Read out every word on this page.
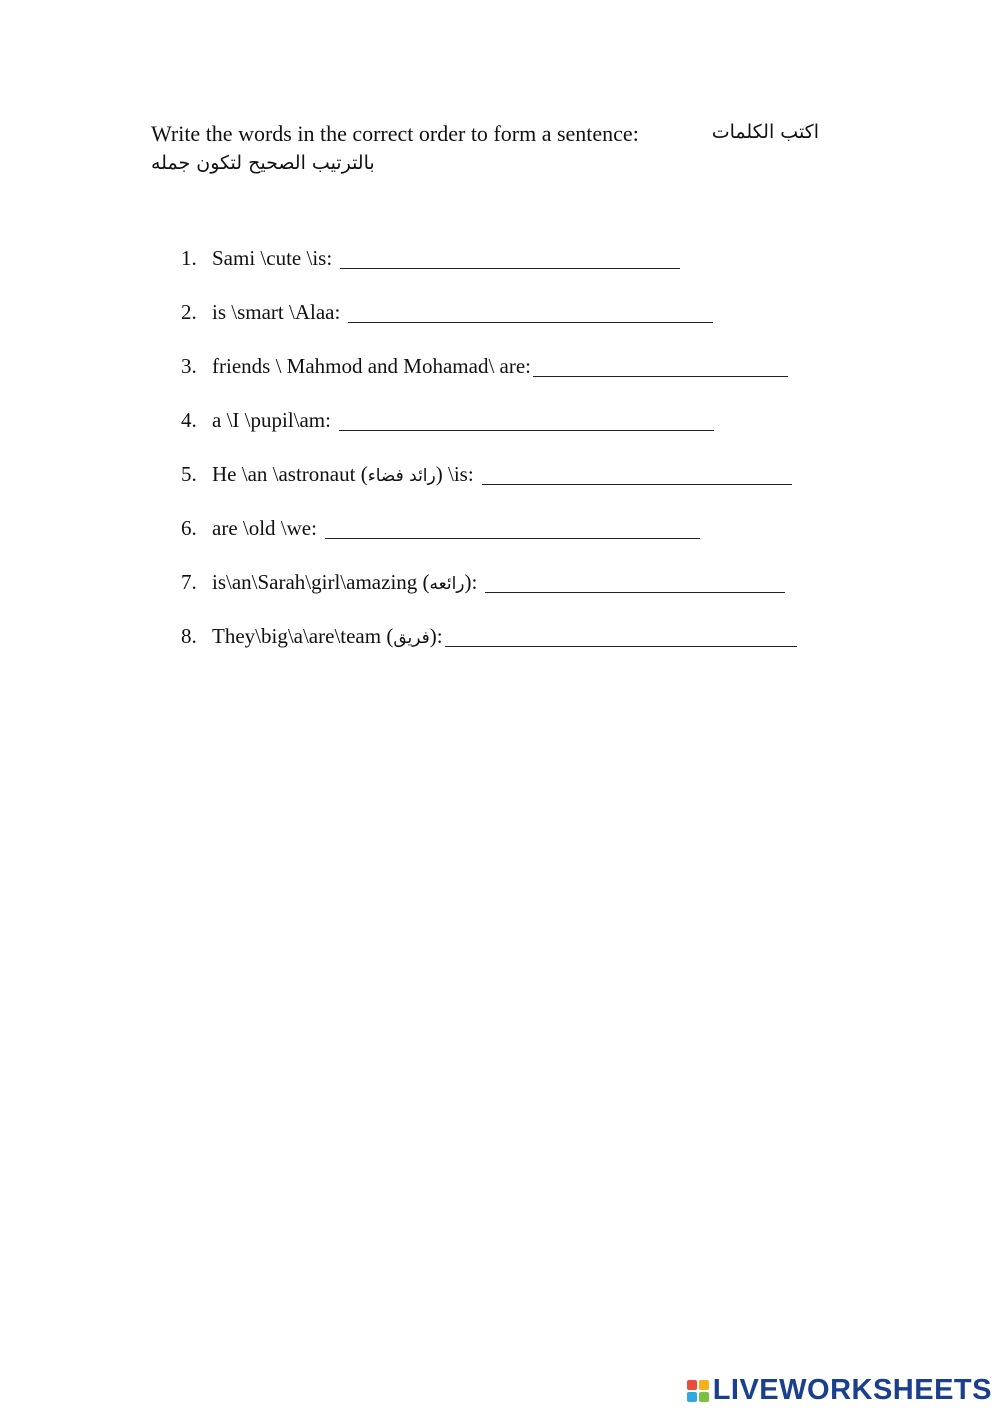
Write the words in the correct order to form a sentence:	اكتب الكلمات
بالترتيب الصحيح لتكون جمله
1. Sami \cute \is:
2. is \smart \Alaa:
3. friends \ Mahmod and Mohamad\ are:
4. a \I \pupil\am:
5. He \an \astronaut (رائد فضاء) \is:
6. are \old \we:
7. is\an\Sarah\girl\amazing (رائعه):
8. They\big\a\are\team (فريق):
LIVEWORKSHEETS
